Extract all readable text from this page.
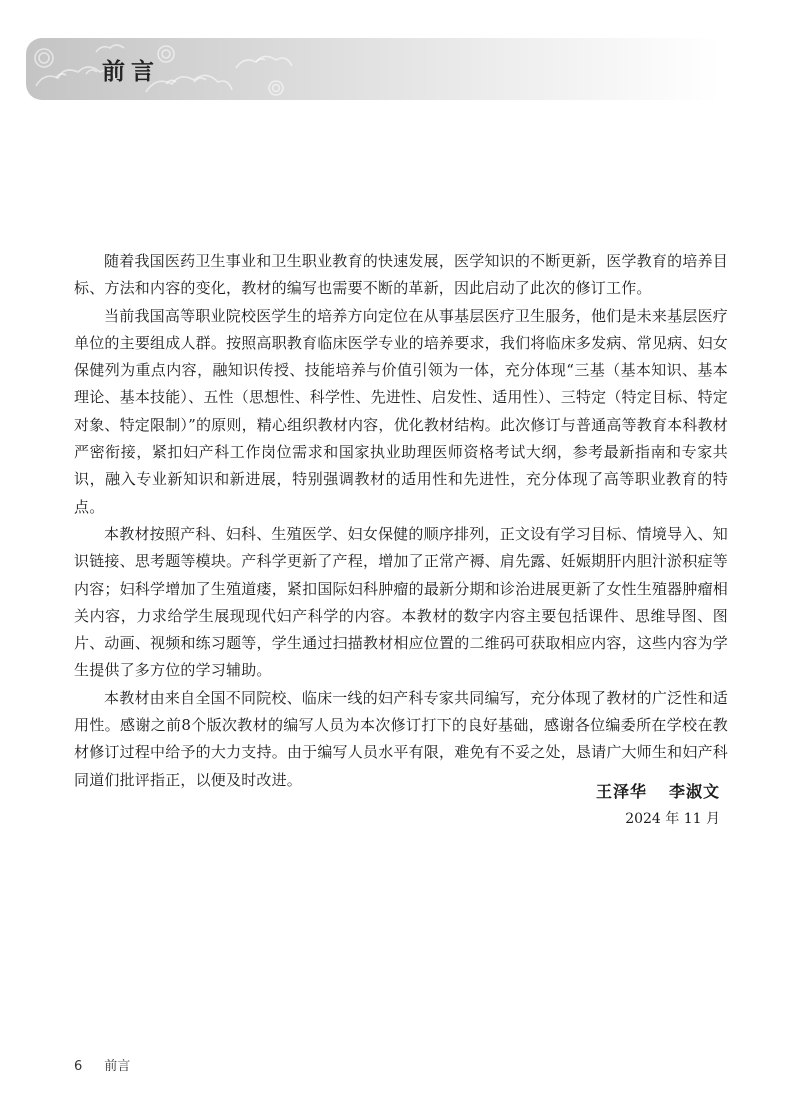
前言

随着我国医药卫生事业和卫生职业教育的快速发展，医学知识的不断更新，医学教育的培养目标、方法和内容的变化，教材的编写也需要不断的革新，因此启动了此次的修订工作。

当前我国高等职业院校医学生的培养方向定位在从事基层医疗卫生服务，他们是未来基层医疗单位的主要组成人群。按照高职教育临床医学专业的培养要求，我们将临床多发病、常见病、妇女保健列为重点内容，融知识传授、技能培养与价值引领为一体，充分体现“三基（基本知识、基本理论、基本技能）、五性（思想性、科学性、先进性、启发性、适用性）、三特定（特定目标、特定对象、特定限制）”的原则，精心组织教材内容，优化教材结构。此次修订与普通高等教育本科教材严密衔接，紧扣妇产科工作岗位需求和国家执业助理医师资格考试大纲，参考最新指南和专家共识，融入专业新知识和新进展，特别强调教材的适用性和先进性，充分体现了高等职业教育的特点。

本教材按照产科、妇科、生殖医学、妇女保健的顺序排列，正文设有学习目标、情境导入、知识链接、思考题等模块。产科学更新了产程，增加了正常产褥、肩先露、妊娠期肝内胆汁淤积症等内容；妇科学增加了生殖道瘘，紧扣国际妇科肿瘤的最新分期和诊治进展更新了女性生殖器肿瘤相关内容，力求给学生展现现代妇产科学的内容。本教材的数字内容主要包括课件、思维导图、图片、动画、视频和练习题等，学生通过扫描教材相应位置的二维码可获取相应内容，这些内容为学生提供了多方位的学习辅助。

本教材由来自全国不同院校、临床一线的妇产科专家共同编写，充分体现了教材的广泛性和适用性。感谢之前8个版次教材的编写人员为本次修订打下的良好基础，感谢各位编委所在学校在教材修订过程中给予的大力支持。由于编写人员水平有限，难免有不妥之处，恳请广大师生和妇产科同道们批评指正，以便及时改进。

王泽华 李淑文
2024 年 11 月
6 前言
